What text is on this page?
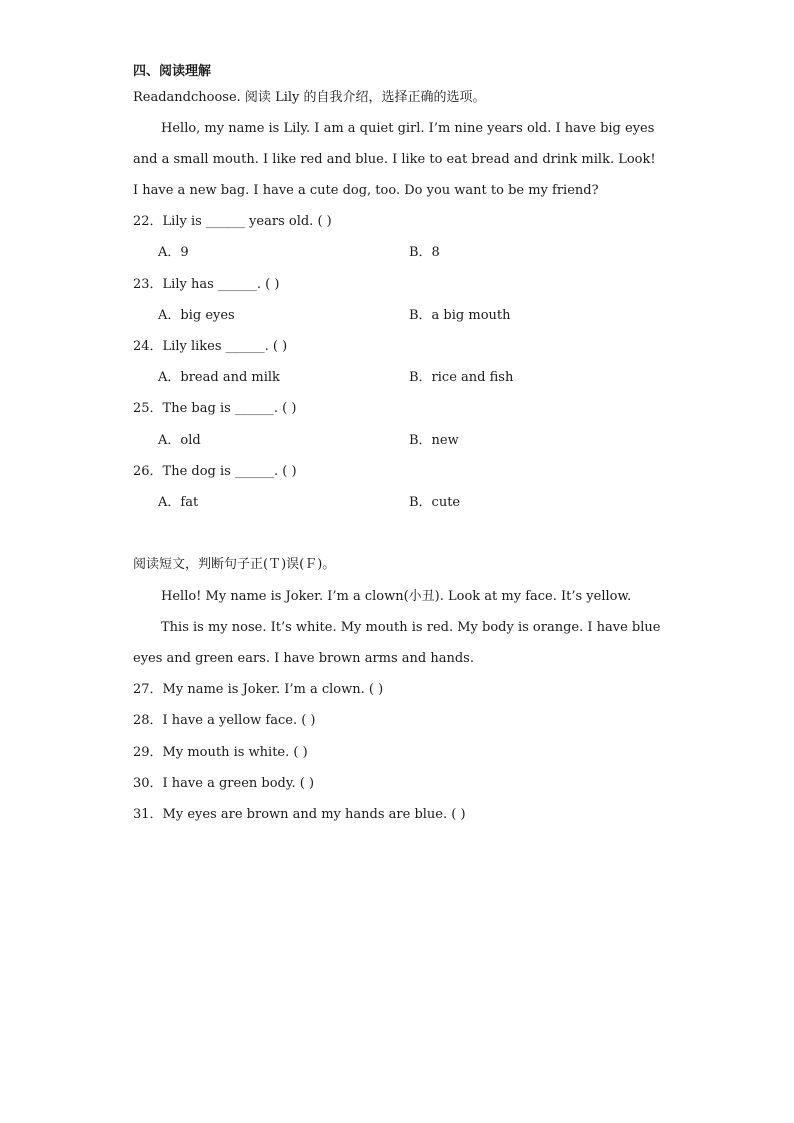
四、阅读理解
Readandchoose. 阅读 Lily 的自我介绍，选择正确的选项。
Hello, my name is Lily. I am a quiet girl. I’m nine years old. I have big eyes and a small mouth. I like red and blue. I like to eat bread and drink milk. Look! I have a new bag. I have a cute dog, too. Do you want to be my friend?
22．Lily is ______ years old. ( )
A．9	B．8
23．Lily has ______. ( )
A．big eyes	B．a big mouth
24．Lily likes ______. ( )
A．bread and milk	B．rice and fish
25．The bag is ______. ( )
A．old	B．new
26．The dog is ______. ( )
A．fat	B．cute
阅读短文，判断句子正(Ｔ)误(Ｆ)。
Hello! My name is Joker. I’m a clown(小丑). Look at my face. It’s yellow.
This is my nose. It’s white. My mouth is red. My body is orange. I have blue eyes and green ears. I have brown arms and hands.
27．My name is Joker. I’m a clown. ( )
28．I have a yellow face. ( )
29．My mouth is white. ( )
30．I have a green body. ( )
31．My eyes are brown and my hands are blue. ( )
